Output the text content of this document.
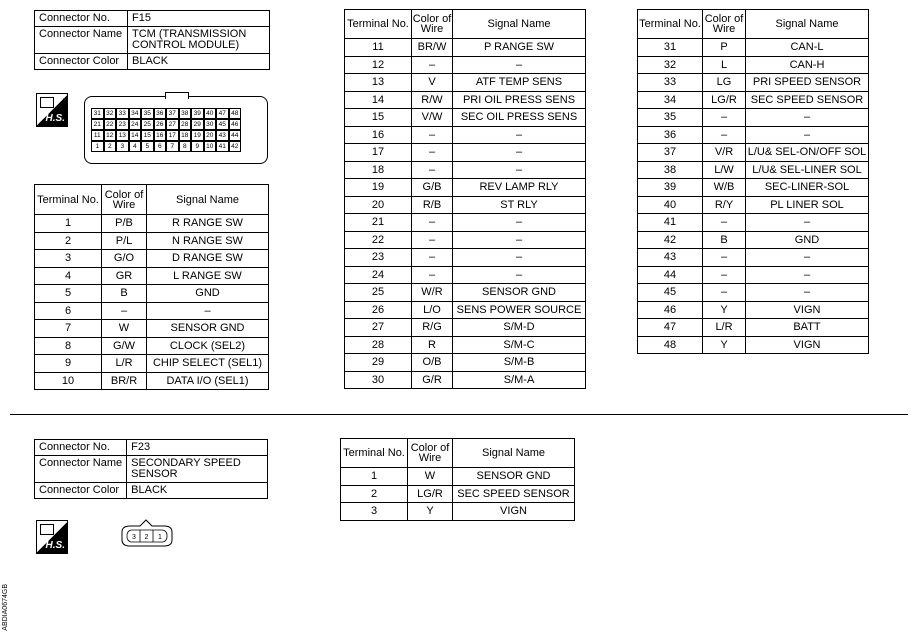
Connector No.	F15
Connector Name	TCM (TRANSMISSION CONTROL MODULE)
Connector Color	BLACK
H.S.	31 32 33 34 35 36 37 38 39 40 47 48
21 22 23 24 25 26 27 28 29 30 45 46
11 12 13 14 15 16 17 18 19 20 43 44
1	2	3	4	5	6	7	8	9	10 41 42
Terminal No.	Color of Wire	Signal Name
1	P/B	R RANGE SW
2	P/L	N RANGE SW
3	G/O	D RANGE SW
4	GR	L RANGE SW
5	B	GND
6	–	–
7	W	SENSOR GND
8	G/W	CLOCK (SEL2)
9	L/R	CHIP SELECT (SEL1)
10	BR/R	DATA I/O (SEL1)
Terminal No.	Color of Wire	Signal Name
11	BR/W	P RANGE SW
12	–	–
13	V	ATF TEMP SENS
14	R/W	PRI OIL PRESS SENS
15	V/W	SEC OIL PRESS SENS
16	–	–
17	–	–
18	–	–
19	G/B	REV LAMP RLY
20	R/B	ST RLY
21	–	–
22	–	–
23	–	–
24	–	–
25	W/R	SENSOR GND
26	L/O	SENS POWER SOURCE
27	R/G	S/M-D
28	R	S/M-C
29	O/B	S/M-B
30	G/R	S/M-A
Terminal No.	Color of Wire	Signal Name
31	P	CAN-L
32	L	CAN-H
33	LG	PRI SPEED SENSOR
34	LG/R	SEC SPEED SENSOR
35	–	–
36	–	–
37	V/R	L/U& SEL-ON/OFF SOL
38	L/W	L/U& SEL-LINER SOL
39	W/B	SEC-LINER-SOL
40	R/Y	PL LINER SOL
41	–	–
42	B	GND
43	–	–
44	–	–
45	–	–
46	Y	VIGN
47	L/R	BATT
48	Y	VIGN
Connector No.	F23
Connector Name	SECONDARY SPEED SENSOR
Connector Color	BLACK
H.S.
3 2 1
Terminal No.	Color of Wire	Signal Name
1	W	SENSOR GND
2	LG/R	SEC SPEED SENSOR
3	Y	VIGN
ABDIA0674GB
